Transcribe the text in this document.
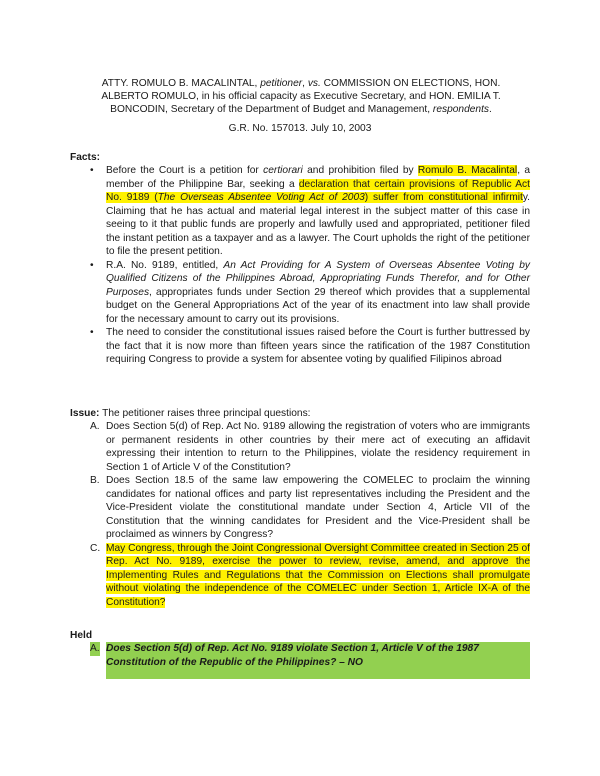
ATTY. ROMULO B. MACALINTAL, petitioner, vs. COMMISSION ON ELECTIONS, HON. ALBERTO ROMULO, in his official capacity as Executive Secretary, and HON. EMILIA T. BONCODIN, Secretary of the Department of Budget and Management, respondents.
G.R. No. 157013. July 10, 2003
Facts:
• Before the Court is a petition for certiorari and prohibition filed by Romulo B. Macalintal, a member of the Philippine Bar, seeking a declaration that certain provisions of Republic Act No. 9189 (The Overseas Absentee Voting Act of 2003) suffer from constitutional infirmity. Claiming that he has actual and material legal interest in the subject matter of this case in seeing to it that public funds are properly and lawfully used and appropriated, petitioner filed the instant petition as a taxpayer and as a lawyer. The Court upholds the right of the petitioner to file the present petition.
• R.A. No. 9189, entitled, An Act Providing for A System of Overseas Absentee Voting by Qualified Citizens of the Philippines Abroad, Appropriating Funds Therefor, and for Other Purposes, appropriates funds under Section 29 thereof which provides that a supplemental budget on the General Appropriations Act of the year of its enactment into law shall provide for the necessary amount to carry out its provisions.
• The need to consider the constitutional issues raised before the Court is further buttressed by the fact that it is now more than fifteen years since the ratification of the 1987 Constitution requiring Congress to provide a system for absentee voting by qualified Filipinos abroad
Issue: The petitioner raises three principal questions:
A. Does Section 5(d) of Rep. Act No. 9189 allowing the registration of voters who are immigrants or permanent residents in other countries by their mere act of executing an affidavit expressing their intention to return to the Philippines, violate the residency requirement in Section 1 of Article V of the Constitution?
B. Does Section 18.5 of the same law empowering the COMELEC to proclaim the winning candidates for national offices and party list representatives including the President and the Vice-President violate the constitutional mandate under Section 4, Article VII of the Constitution that the winning candidates for President and the Vice-President shall be proclaimed as winners by Congress?
C. May Congress, through the Joint Congressional Oversight Committee created in Section 25 of Rep. Act No. 9189, exercise the power to review, revise, amend, and approve the Implementing Rules and Regulations that the Commission on Elections shall promulgate without violating the independence of the COMELEC under Section 1, Article IX-A of the Constitution?
Held
A. Does Section 5(d) of Rep. Act No. 9189 violate Section 1, Article V of the 1987 Constitution of the Republic of the Philippines? – NO
